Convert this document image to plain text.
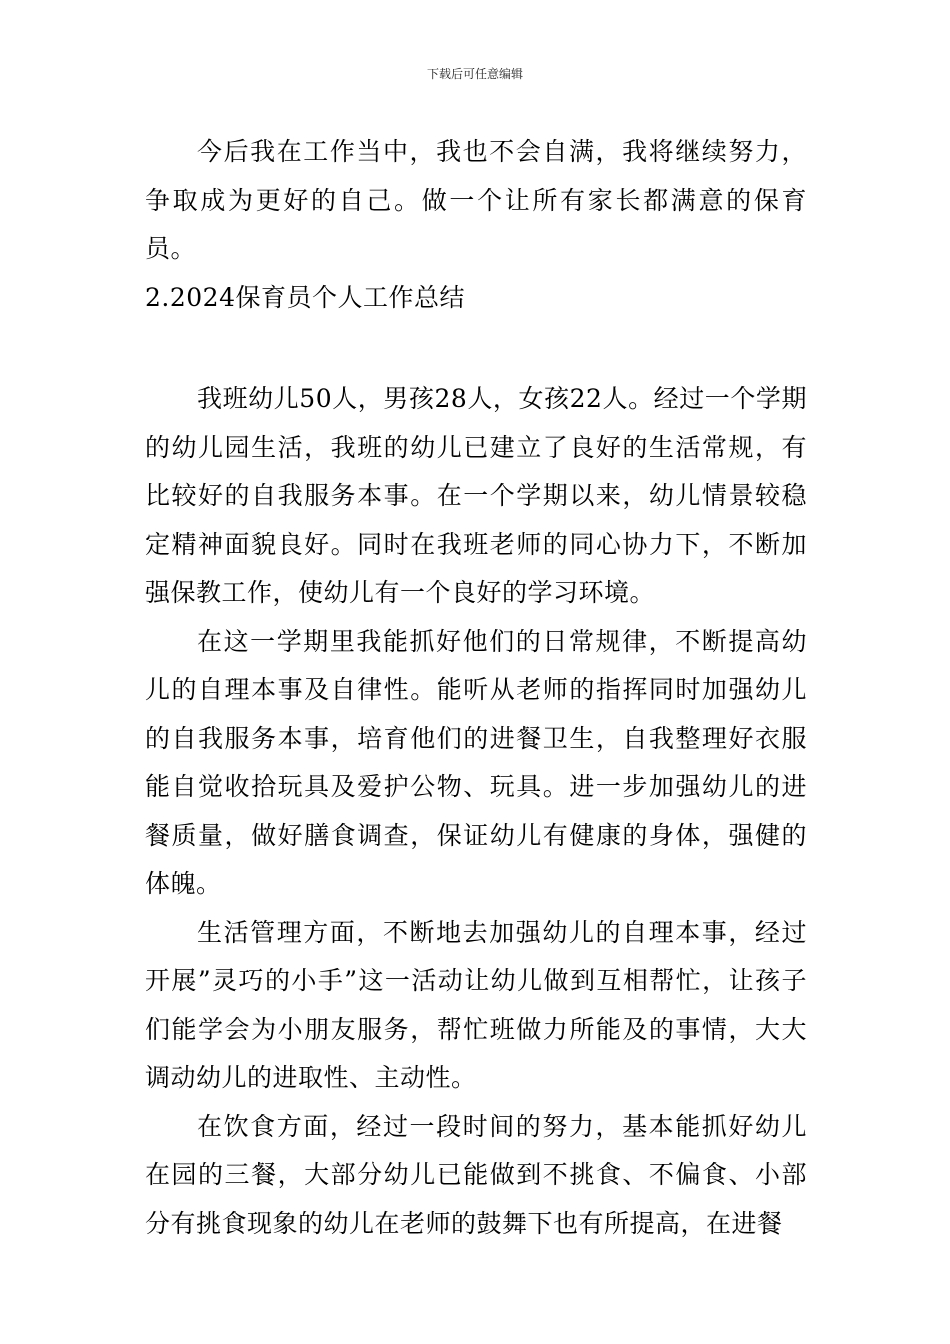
下载后可任意编辑

今后我在工作当中，我也不会自满，我将继续努力，争取成为更好的自己。做一个让所有家长都满意的保育员。

2.2024保育员个人工作总结

我班幼儿50人，男孩28人，女孩22人。经过一个学期的幼儿园生活，我班的幼儿已建立了良好的生活常规，有比较好的自我服务本事。在一个学期以来，幼儿情景较稳定精神面貌良好。同时在我班老师的同心协力下，不断加强保教工作，使幼儿有一个良好的学习环境。

在这一学期里我能抓好他们的日常规律，不断提高幼儿的自理本事及自律性。能听从老师的指挥同时加强幼儿的自我服务本事，培育他们的进餐卫生，自我整理好衣服能自觉收拾玩具及爱护公物、玩具。进一步加强幼儿的进餐质量，做好膳食调查，保证幼儿有健康的身体，强健的体魄。

生活管理方面，不断地去加强幼儿的自理本事，经过开展”灵巧的小手”这一活动让幼儿做到互相帮忙，让孩子们能学会为小朋友服务，帮忙班做力所能及的事情，大大调动幼儿的进取性、主动性。

在饮食方面，经过一段时间的努力，基本能抓好幼儿在园的三餐，大部分幼儿已能做到不挑食、不偏食、小部分有挑食现象的幼儿在老师的鼓舞下也有所提高，在进餐
